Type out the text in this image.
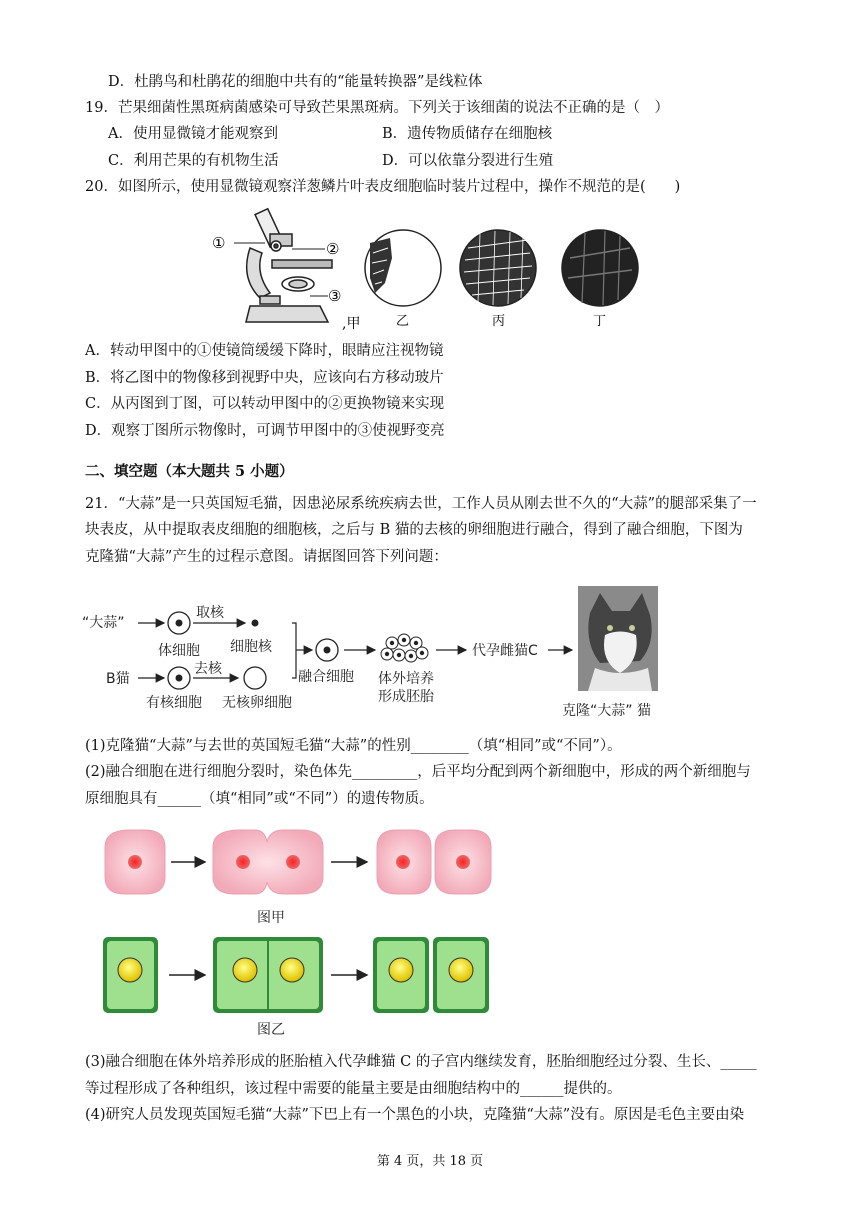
D．杜鹃鸟和杜鹃花的细胞中共有的“能量转换器”是线粒体
19．芒果细菌性黑斑病菌感染可导致芒果黑斑病。下列关于该细菌的说法不正确的是（　）
A．使用显微镜才能观察到	B．遗传物质储存在细胞核
C．利用芒果的有机物生活	D．可以依靠分裂进行生殖
20．如图所示，使用显微镜观察洋葱鳞片叶表皮细胞临时装片过程中，操作不规范的是(　　)
①	②
③
,甲	乙	丙	丁
A．转动甲图中的①使镜筒缓缓下降时，眼睛应注视物镜
B．将乙图中的物像移到视野中央，应该向右方移动玻片
C．从丙图到丁图，可以转动甲图中的②更换物镜来实现
D．观察丁图所示物像时，可调节甲图中的③使视野变亮
二、填空题（本大题共 5 小题）
21．“大蒜”是一只英国短毛猫，因患泌尿系统疾病去世，工作人员从刚去世不久的“大蒜”的腿部采集了一
块表皮，从中提取表皮细胞的细胞核，之后与 B 猫的去核的卵细胞进行融合，得到了融合细胞，下图为
克隆猫“大蒜”产生的过程示意图。请据图回答下列问题：
“大蒜”
体细胞
取核
细胞核
B猫
有核细胞
去核
无核卵细胞
融合细胞 体外培养
形成胚胎
代孕雌猫C
克隆“大蒜” 猫
(1)克隆猫“大蒜”与去世的英国短毛猫“大蒜”的性别________（填“相同”或“不同”）。
(2)融合细胞在进行细胞分裂时，染色体先_________，后平均分配到两个新细胞中，形成的两个新细胞与
原细胞具有______（填“相同”或“不同”）的遗传物质。
图甲
图乙
(3)融合细胞在体外培养形成的胚胎植入代孕雌猫 C 的子宫内继续发育，胚胎细胞经过分裂、生长、_____
等过程形成了各种组织，该过程中需要的能量主要是由细胞结构中的______提供的。
(4)研究人员发现英国短毛猫“大蒜”下巴上有一个黑色的小块，克隆猫“大蒜”没有。原因是毛色主要由染
第 4 页，共 18 页
